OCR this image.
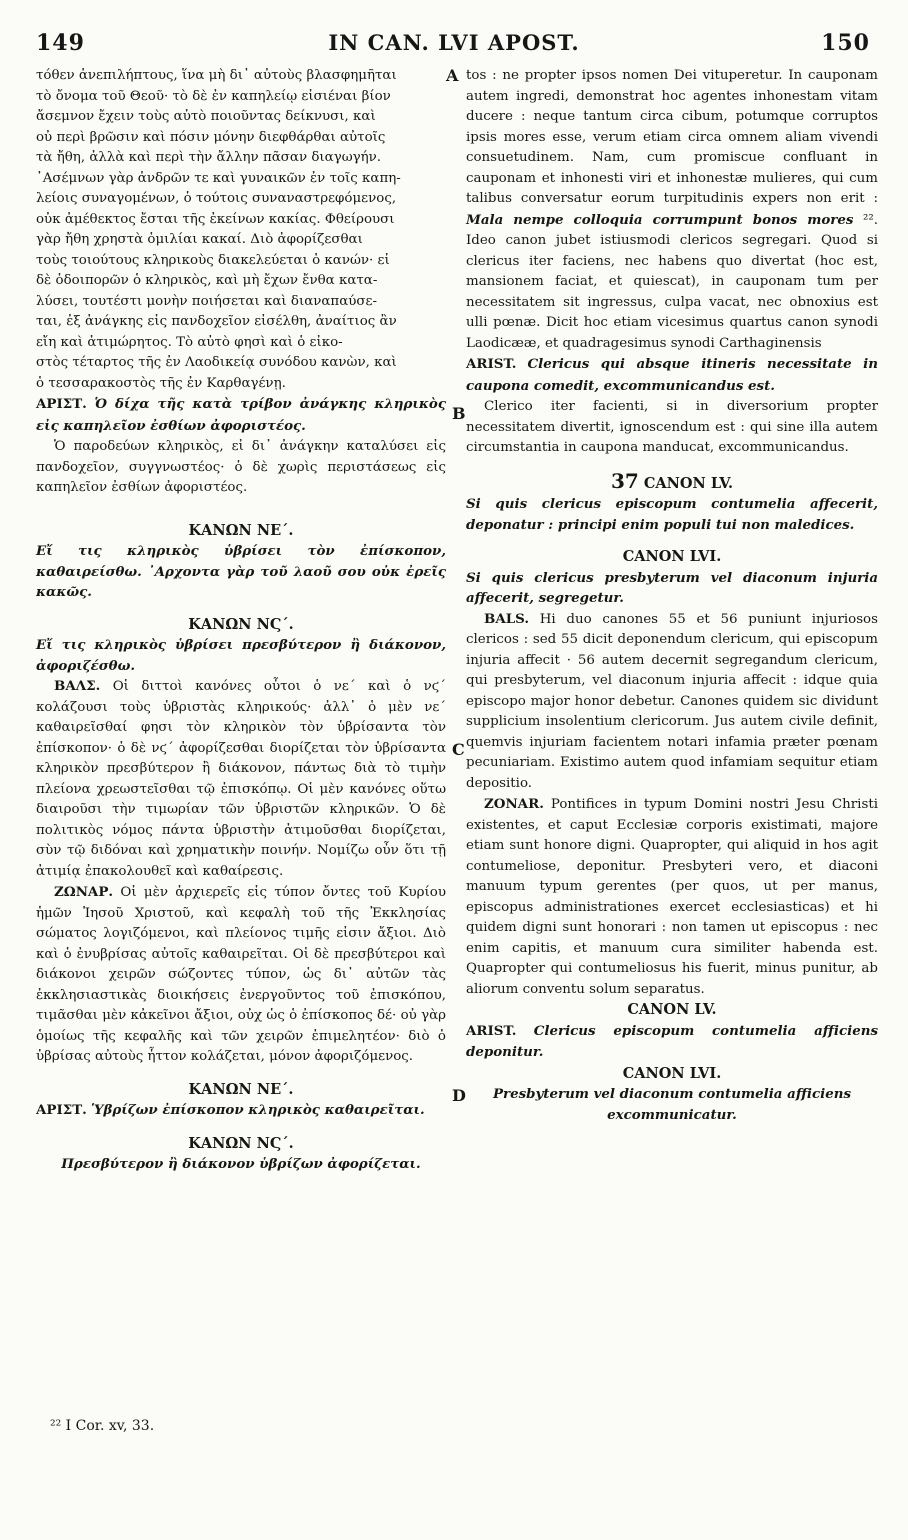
IN CAN. LVI APOST.
149	150
A
B
C
D

τόθεν ἀνεπιλήπτους, ἵνα μὴ δι᾽ αὐτοὺς βλασφημῆται

τὸ ὄνομα τοῦ Θεοῦ· τὸ δὲ ἐν καπηλείῳ εἰσιέναι βίον

ἄσεμνον ἔχειν τοὺς αὐτὸ ποιοῦντας δείκνυσι, καὶ

οὐ περὶ βρῶσιν καὶ πόσιν μόνην διεφθάρθαι αὐτοῖς

τὰ ἤθη, ἀλλὰ καὶ περὶ τὴν ἄλλην πᾶσαν διαγωγήν.

᾽Ασέμνων γὰρ ἀνδρῶν τε καὶ γυναικῶν ἐν τοῖς καπη-

λείοις συναγομένων, ὁ τούτοις συναναστρεφόμενος,

οὐκ ἀμέθεκτος ἔσται τῆς ἐκείνων κακίας. Φθείρουσι

γὰρ ἤθη χρηστὰ ὁμιλίαι κακαί. Διὸ ἀφορίζεσθαι

τοὺς τοιούτους κληρικοὺς διακελεύεται ὁ κανών· εἰ

δὲ ὁδοιπορῶν ὁ κληρικὸς, καὶ μὴ ἔχων ἔνθα κατα-

λύσει, τουτέστι μονὴν ποιήσεται καὶ διαναπαύσε-

ται, ἐξ ἀνάγκης εἰς πανδοχεῖον εἰσέλθη, ἀναίτιος ἂν

εἴη καὶ ἀτιμώρητος. Τὸ αὐτὸ φησὶ καὶ ὁ εἰκο-

στὸς τέταρτος τῆς ἐν Λαοδικείᾳ συνόδου κανὼν, καὶ

ὁ τεσσαρακοστὸς τῆς ἐν Καρθαγένῃ.

ΑΡΙΣΤ. Ὁ δίχα τῆς κατὰ τρίβον ἀνάγκης κληρικὸς εἰς καπηλεῖον ἐσθίων ἀφοριστέος.

Ὁ παροδεύων κληρικὸς, εἰ δι᾽ ἀνάγκην καταλύσει εἰς πανδοχεῖον, συγγνωστέος· ὁ δὲ χωρὶς περιστάσεως εἰς καπηλεῖον ἐσθίων ἀφοριστέος.

ΚΑΝΩΝ ΝΕ΄.

Εἴ τις κληρικὸς ὑβρίσει τὸν ἐπίσκοπον, καθαιρείσθω. ᾽Αρχοντα γὰρ τοῦ λαοῦ σου οὐκ ἐρεῖς κακῶς.

ΚΑΝΩΝ ΝϚ΄.

Εἴ τις κληρικὸς ὑβρίσει πρεσβύτερον ἢ διάκονον, ἀφοριζέσθω.

ΒΑΛΣ. Οἱ διττοὶ κανόνες οὗτοι ὁ νε΄ καὶ ὁ νϛ΄ κολάζουσι τοὺς ὑβριστὰς κληρικούς· ἀλλ᾽ ὁ μὲν νε΄ καθαιρεῖσθαί φησι τὸν κληρικὸν τὸν ὑβρίσαντα τὸν ἐπίσκοπον· ὁ δὲ νϛ΄ ἀφορίζεσθαι διορίζεται τὸν ὑβρίσαντα κληρικὸν πρεσβύτερον ἢ διάκονον, πάντως διὰ τὸ τιμὴν πλείονα χρεωστεῖσθαι τῷ ἐπισκόπῳ. Οἱ μὲν κανόνες οὕτω διαιροῦσι τὴν τιμωρίαν τῶν ὑβριστῶν κληρικῶν. Ὁ δὲ πολιτικὸς νόμος πάντα ὑβριστὴν ἀτιμοῦσθαι διορίζεται, σὺν τῷ διδόναι καὶ χρηματικὴν ποινήν. Νομίζω οὖν ὅτι τῇ ἀτιμίᾳ ἐπακολουθεῖ καὶ καθαίρεσις.

ΖΩΝΑΡ. Οἱ μὲν ἀρχιερεῖς εἰς τύπον ὄντες τοῦ Κυρίου ἡμῶν Ἰησοῦ Χριστοῦ, καὶ κεφαλὴ τοῦ τῆς Ἐκκλησίας σώματος λογιζόμενοι, καὶ πλείονος τιμῆς εἰσιν ἄξιοι. Διὸ καὶ ὁ ἐνυβρίσας αὐτοῖς καθαιρεῖται. Οἱ δὲ πρεσβύτεροι καὶ διάκονοι χειρῶν σώζοντες τύπον, ὡς δι᾽ αὐτῶν τὰς ἐκκλησιαστικὰς διοικήσεις ἐνεργοῦντος τοῦ ἐπισκόπου, τιμᾶσθαι μὲν κἀκεῖνοι ἄξιοι, οὐχ ὡς ὁ ἐπίσκοπος δέ· οὐ γὰρ ὁμοίως τῆς κεφαλῆς καὶ τῶν χειρῶν ἐπιμελητέον· διὸ ὁ ὑβρίσας αὐτοὺς ἧττον κολάζεται, μόνον ἀφοριζόμενος.

ΚΑΝΩΝ ΝΕ΄.

ΑΡΙΣΤ. Ὑβρίζων ἐπίσκοπον κληρικὸς καθαιρεῖται.

ΚΑΝΩΝ ΝϚ΄.

Πρεσβύτερον ἢ διάκονον ὑβρίζων ἀφορίζεται.

tos : ne propter ipsos nomen Dei vituperetur. In cauponam autem ingredi, demonstrat hoc agentes inhonestam vitam ducere : neque tantum circa cibum, potumque corruptos ipsis mores esse, verum etiam circa omnem aliam vivendi consuetudinem. Nam, cum promiscue confluant in cauponam et inhonesti viri et inhonestæ mulieres, qui cum talibus conversatur eorum turpitudinis expers non erit : Mala nempe colloquia corrumpunt bonos mores ²². Ideo canon jubet istiusmodi clericos segregari. Quod si clericus iter faciens, nec habens quo divertat (hoc est, mansionem faciat, et quiescat), in cauponam tum per necessitatem sit ingressus, culpa vacat, nec obnoxius est ulli pœnæ. Dicit hoc etiam vicesimus quartus canon synodi Laodicææ, et quadragesimus synodi Carthaginensis

ARIST. Clericus qui absque itineris necessitate in caupona comedit, excommunicandus est.

Clerico iter facienti, si in diversorium propter necessitatem divertit, ignoscendum est : qui sine illa autem circumstantia in caupona manducat, excommunicandus.

37 CANON LV.

Si quis clericus episcopum contumelia affecerit, deponatur : principi enim populi tui non maledices.

CANON LVI.

Si quis clericus presbyterum vel diaconum injuria affecerit, segregetur.

BALS. Hi duo canones 55 et 56 puniunt injuriosos clericos : sed 55 dicit deponendum clericum, qui episcopum injuria affecit · 56 autem decernit segregandum clericum, qui presbyterum, vel diaconum injuria affecit : idque quia episcopo major honor debetur. Canones quidem sic dividunt supplicium insolentium clericorum. Jus autem civile definit, quemvis injuriam facientem notari infamia præter pœnam pecuniariam. Existimo autem quod infamiam sequitur etiam depositio.

ZONAR. Pontifices in typum Domini nostri Jesu Christi existentes, et caput Ecclesiæ corporis existimati, majore etiam sunt honore digni. Quapropter, qui aliquid in hos agit contumeliose, deponitur. Presbyteri vero, et diaconi manuum typum gerentes (per quos, ut per manus, episcopus administrationes exercet ecclesiasticas) et hi quidem digni sunt honorari : non tamen ut episcopus : nec enim capitis, et manuum cura similiter habenda est. Quapropter qui contumeliosus his fuerit, minus punitur, ab aliorum conventu solum separatus.

CANON LV.

ARIST. Clericus episcopum contumelia afficiens deponitur.

CANON LVI.

Presbyterum vel diaconum contumelia afficiens excommunicatur.

²² I Cor. xv, 33.
